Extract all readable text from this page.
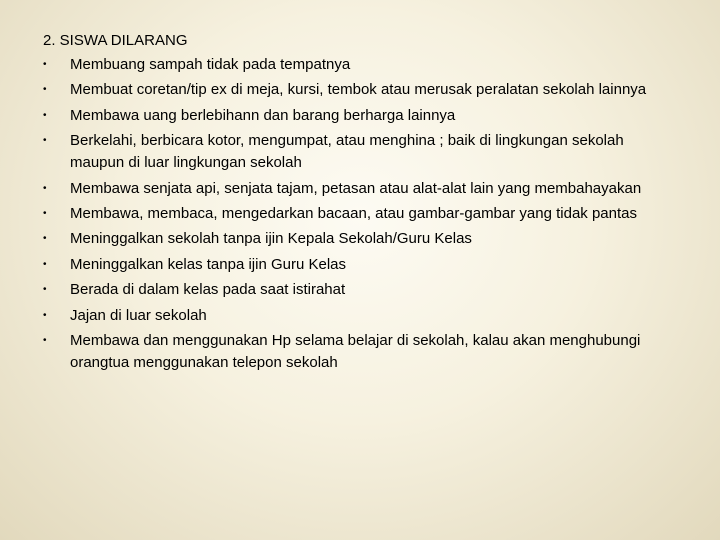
2. SISWA DILARANG
• Membuang sampah tidak pada tempatnya
• Membuat coretan/tip ex di meja, kursi, tembok atau merusak peralatan sekolah lainnya
• Membawa uang berlebihann dan barang berharga lainnya
• Berkelahi, berbicara kotor, mengumpat, atau menghina ; baik di lingkungan sekolah maupun di luar lingkungan sekolah
• Membawa senjata api, senjata tajam, petasan atau alat-alat lain yang membahayakan
• Membawa, membaca, mengedarkan bacaan, atau gambar-gambar yang tidak pantas
• Meninggalkan sekolah tanpa ijin Kepala Sekolah/Guru Kelas
• Meninggalkan kelas tanpa ijin Guru Kelas
• Berada di dalam kelas pada saat istirahat
• Jajan di luar sekolah
• Membawa dan menggunakan Hp selama belajar di sekolah, kalau akan menghubungi orangtua menggunakan telepon sekolah
